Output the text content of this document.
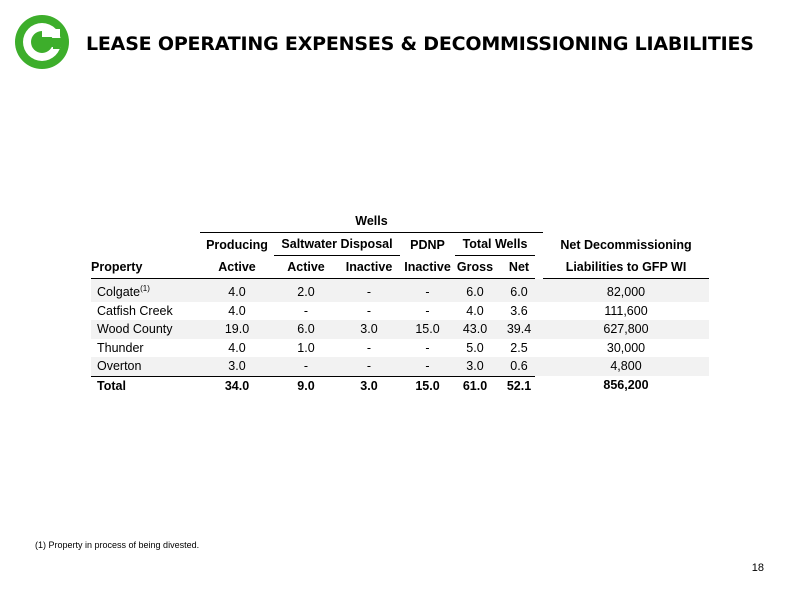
LEASE OPERATING EXPENSES & DECOMMISSIONING LIABILITIES
	Wells									
	Producing	Saltwater Disposal		PDNP	Total Wells				Net Decommissioning	
Property	Active	Active	Inactive	Inactive	Gross		Net		Liabilities to GFP WI	
Colgate$^{(1)}$	4.0	2.0	-	-	6.0		6.0		82,000	
Catfish Creek	4.0	-	-	-	4.0		3.6		111,600	
Wood County	19.0	6.0	3.0	15.0	43.0		39.4		627,800	
Thunder	4.0	1.0	-	-	5.0		2.5		30,000	
Overton	3.0	-	-	-	3.0		0.6		4,800	
Total	34.0	9.0	3.0	15.0	61.0		52.1		856,200	
(1) Property in process of being divested.
18
